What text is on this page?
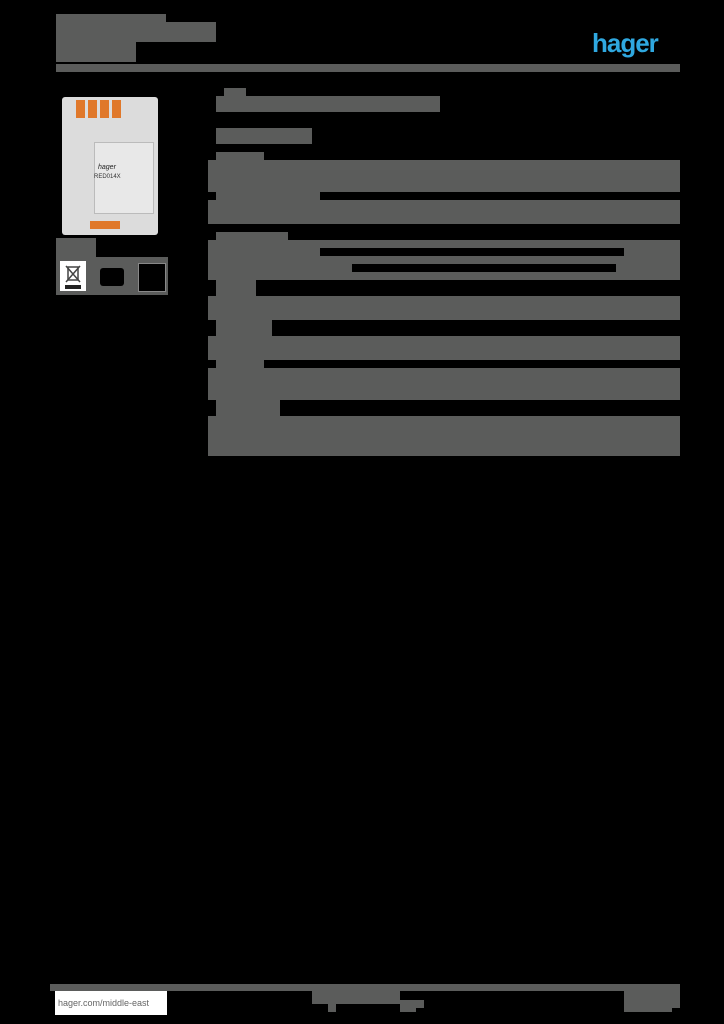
hager
hager
RED014X
hager.com/middle-east
